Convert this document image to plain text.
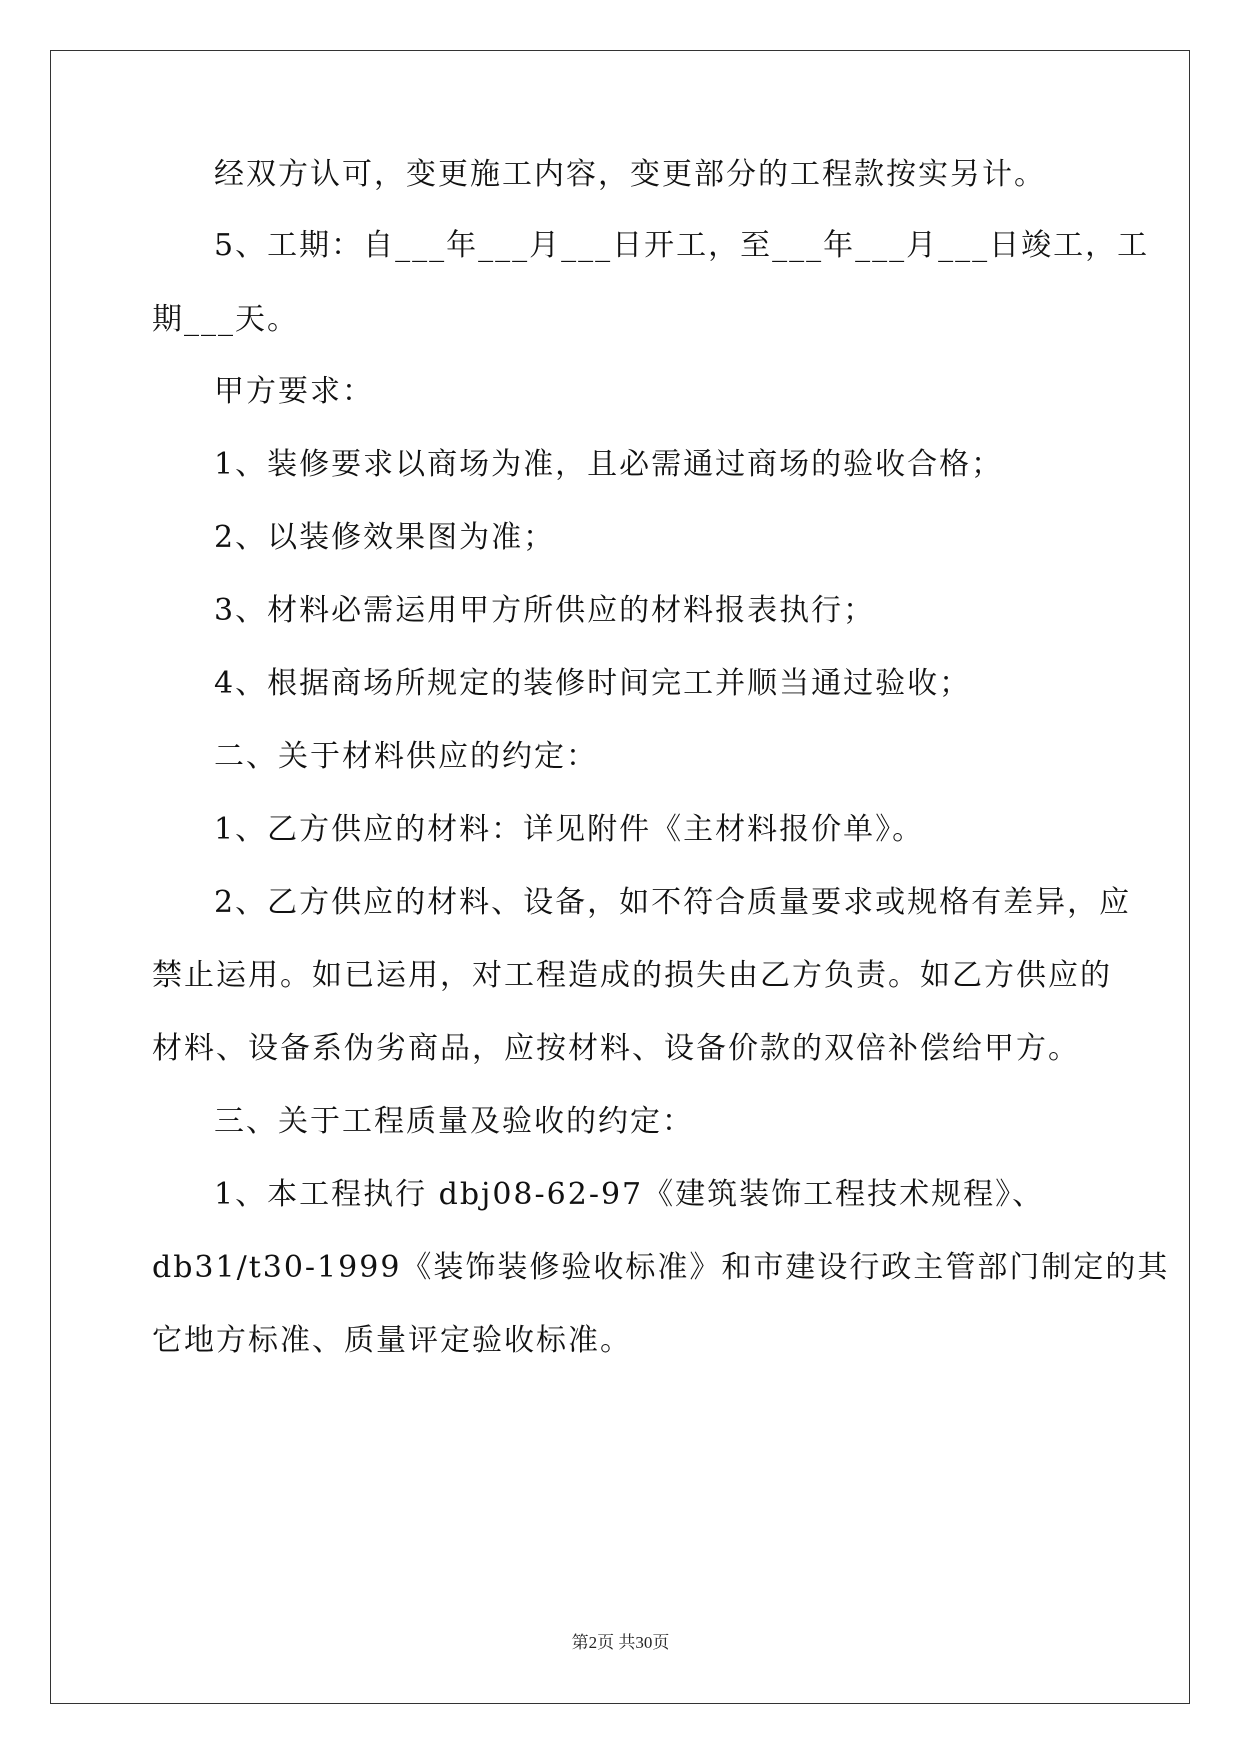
经双方认可，变更施工内容，变更部分的工程款按实另计。
5、工期：自___年___月___日开工，至___年___月___日竣工，工
期___天。
甲方要求：
1、装修要求以商场为准，且必需通过商场的验收合格；
2、以装修效果图为准；
3、材料必需运用甲方所供应的材料报表执行；
4、根据商场所规定的装修时间完工并顺当通过验收；
二、关于材料供应的约定：
1、乙方供应的材料：详见附件《主材料报价单》。
2、乙方供应的材料、设备，如不符合质量要求或规格有差异，应
禁止运用。如已运用，对工程造成的损失由乙方负责。如乙方供应的
材料、设备系伪劣商品，应按材料、设备价款的双倍补偿给甲方。
三、关于工程质量及验收的约定：
1、本工程执行 dbj08-62-97《建筑装饰工程技术规程》、
db31/t30-1999《装饰装修验收标准》和市建设行政主管部门制定的其
它地方标准、质量评定验收标准。
第2页 共30页
